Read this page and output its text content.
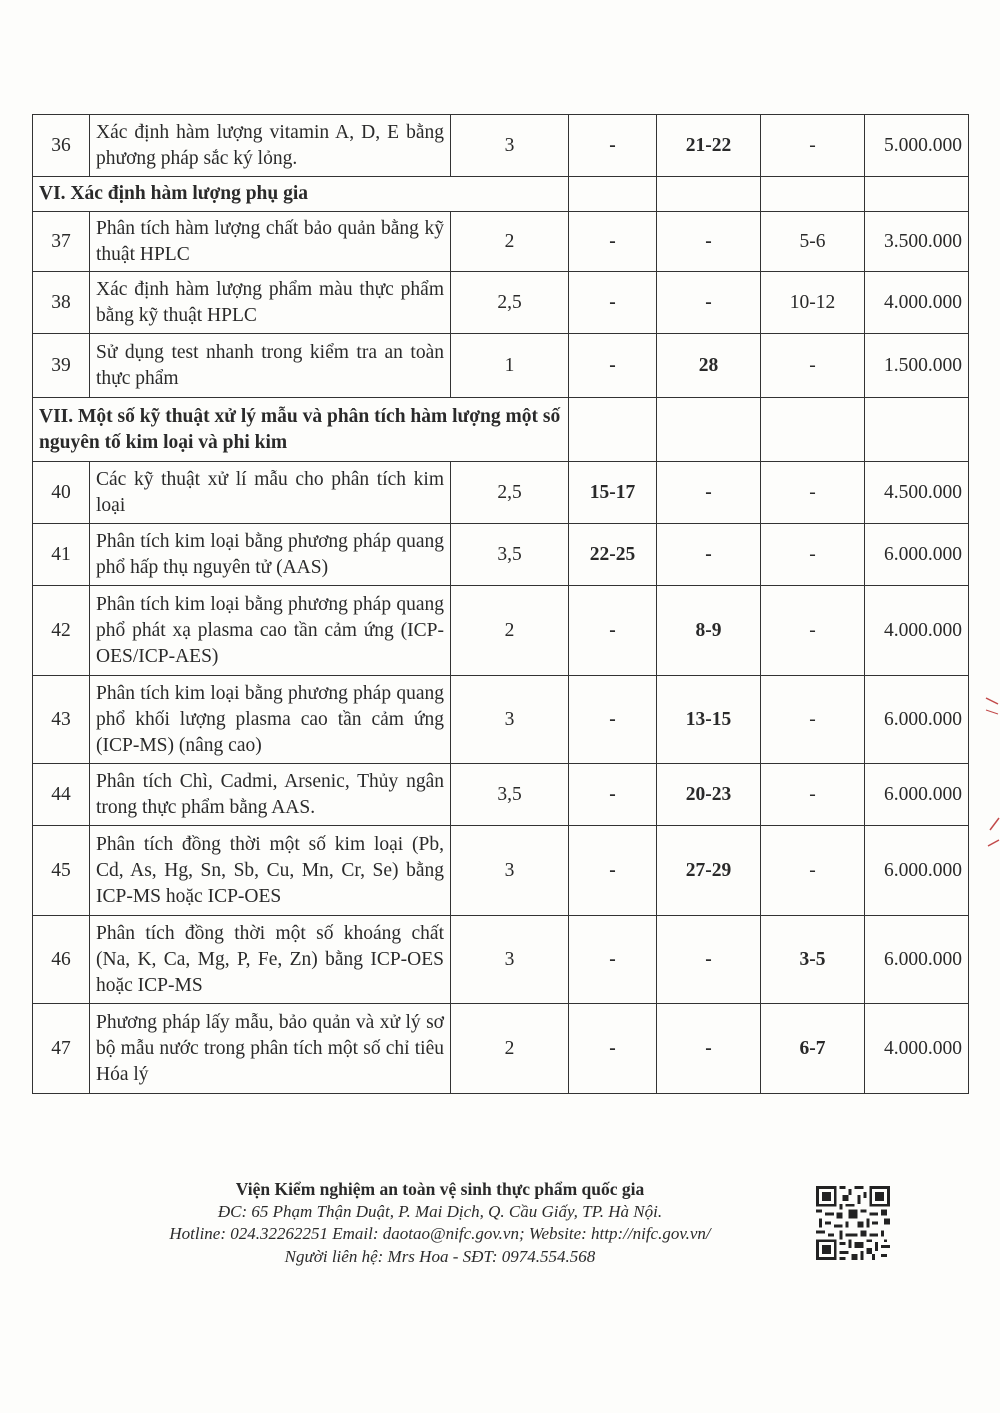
36	Xác định hàm lượng vitamin A, D, E bằng phương pháp sắc ký lỏng.	3	-	21-22	-	5.000.000
VI. Xác định hàm lượng phụ gia						
37	Phân tích hàm lượng chất bảo quản bằng kỹ thuật HPLC	2	-	-	5-6	3.500.000
38	Xác định hàm lượng phẩm màu thực phẩm bằng kỹ thuật HPLC	2,5	-	-	10-12	4.000.000
39	Sử dụng test nhanh trong kiểm tra an toàn thực phẩm	1	-	28	-	1.500.000
VII. Một số kỹ thuật xử lý mẫu và phân tích hàm lượng một số nguyên tố kim loại và phi kim						
40	Các kỹ thuật xử lí mẫu cho phân tích kim loại	2,5	15-17	-	-	4.500.000
41	Phân tích kim loại bằng phương pháp quang phổ hấp thụ nguyên tử (AAS)	3,5	22-25	-	-	6.000.000
42	Phân tích kim loại bằng phương pháp quang phổ phát xạ plasma cao tần cảm ứng (ICP-OES/ICP-AES)	2	-	8-9	-	4.000.000
43	Phân tích kim loại bằng phương pháp quang phổ khối lượng plasma cao tần cảm ứng (ICP-MS) (nâng cao)	3	-	13-15	-	6.000.000
44	Phân tích Chì, Cadmi, Arsenic, Thủy ngân trong thực phẩm bằng AAS.	3,5	-	20-23	-	6.000.000
45	Phân tích đồng thời một số kim loại (Pb, Cd, As, Hg, Sn, Sb, Cu, Mn, Cr, Se) bằng ICP-MS hoặc ICP-OES	3	-	27-29	-	6.000.000
46	Phân tích đồng thời một số khoáng chất (Na, K, Ca, Mg, P, Fe, Zn) bằng ICP-OES hoặc ICP-MS	3	-	-	3-5	6.000.000
47	Phương pháp lấy mẫu, bảo quản và xử lý sơ bộ mẫu nước trong phân tích một số chỉ tiêu Hóa lý	2	-	-	6-7	4.000.000
Viện Kiểm nghiệm an toàn vệ sinh thực phẩm quốc gia
ĐC: 65 Phạm Thận Duật, P. Mai Dịch, Q. Cầu Giấy, TP. Hà Nội.
Hotline: 024.32262251 Email: daotao@nifc.gov.vn; Website: http://nifc.gov.vn/
Người liên hệ: Mrs Hoa - SĐT: 0974.554.568
